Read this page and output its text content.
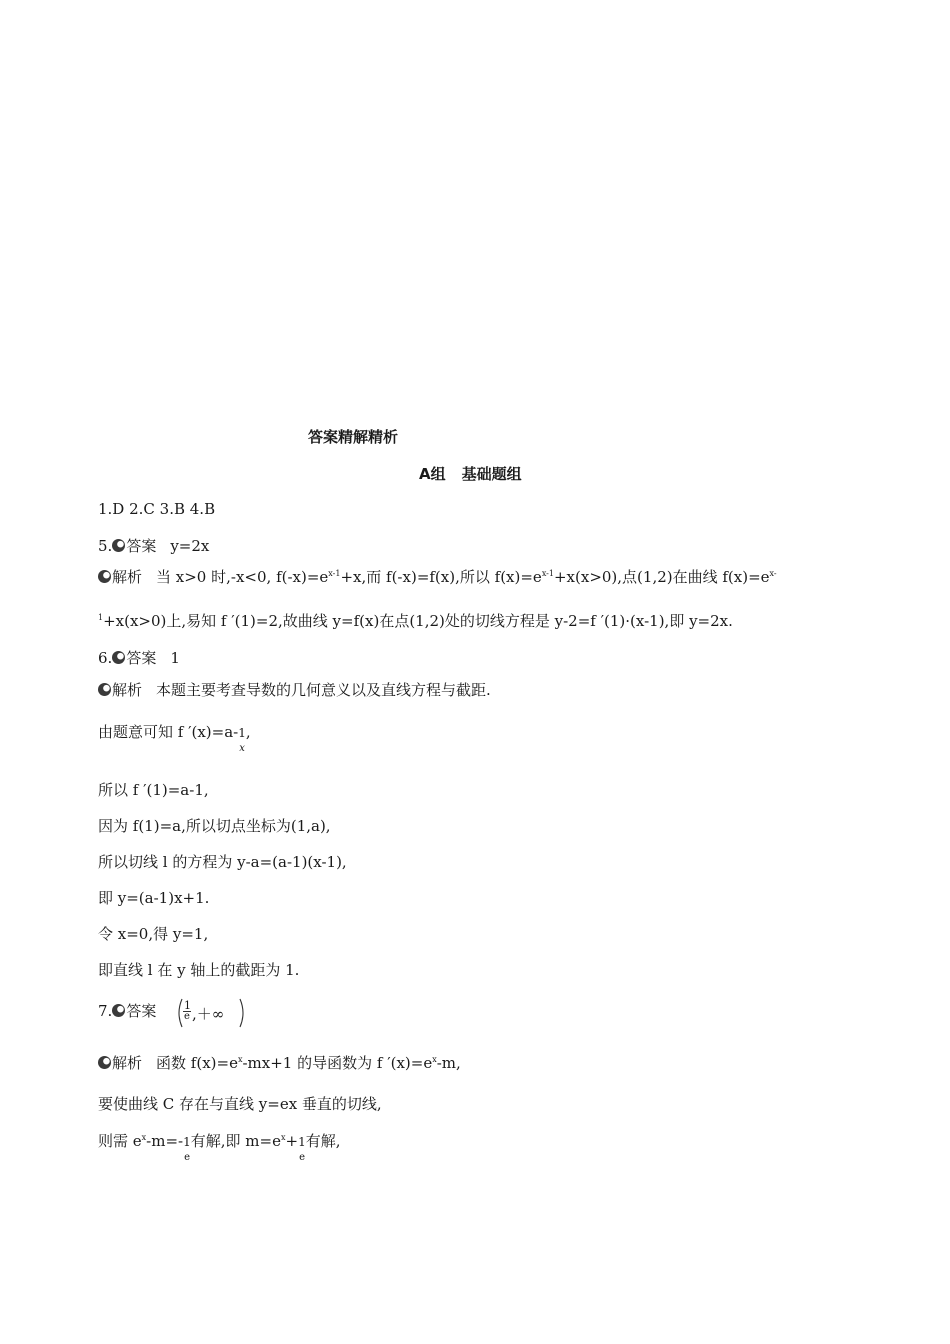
答案精解精析
A组 基础题组
1.D 2.C 3.B 4.B
5. 答案 y=2x
解析 当 x>0 时,-x<0, $f(-x)=e^{x-1}+x$,而 f(-x)=f(x),所以 $f(x)=e^{x-1}+x(x>0)$,点(1,2)在曲线 $f(x)=e^{x-}$
$^1$+x(x>0)上,易知 f ′(1)=2,故曲线 y=f(x)在点(1,2)处的切线方程是 y-2=f ′(1)·(x-1),即 y=2x.
6. 答案 1
解析 本题主要考查导数的几何意义以及直线方程与截距.
由题意可知 f ′(x)=a-1
x
,
所以 f ′(1)=a-1,
因为 f(1)=a,所以切点坐标为(1,a),
所以切线 l 的方程为 y-a=(a-1)(x-1),
即 y=(a-1)x+1.
令 x=0,得 y=1,
即直线 l 在 y 轴上的截距为 1.
7. 答案	1
e ,＋∞
解析 函数 $f(x)=e^x-mx+1$ 的导函数为 f $'(x)=e^x-m$,
要使曲线 C 存在与直线 y=ex 垂直的切线,
则需 $e^x-m=-1$
e
有解,即 $m=e^x+1$
e
有解,
